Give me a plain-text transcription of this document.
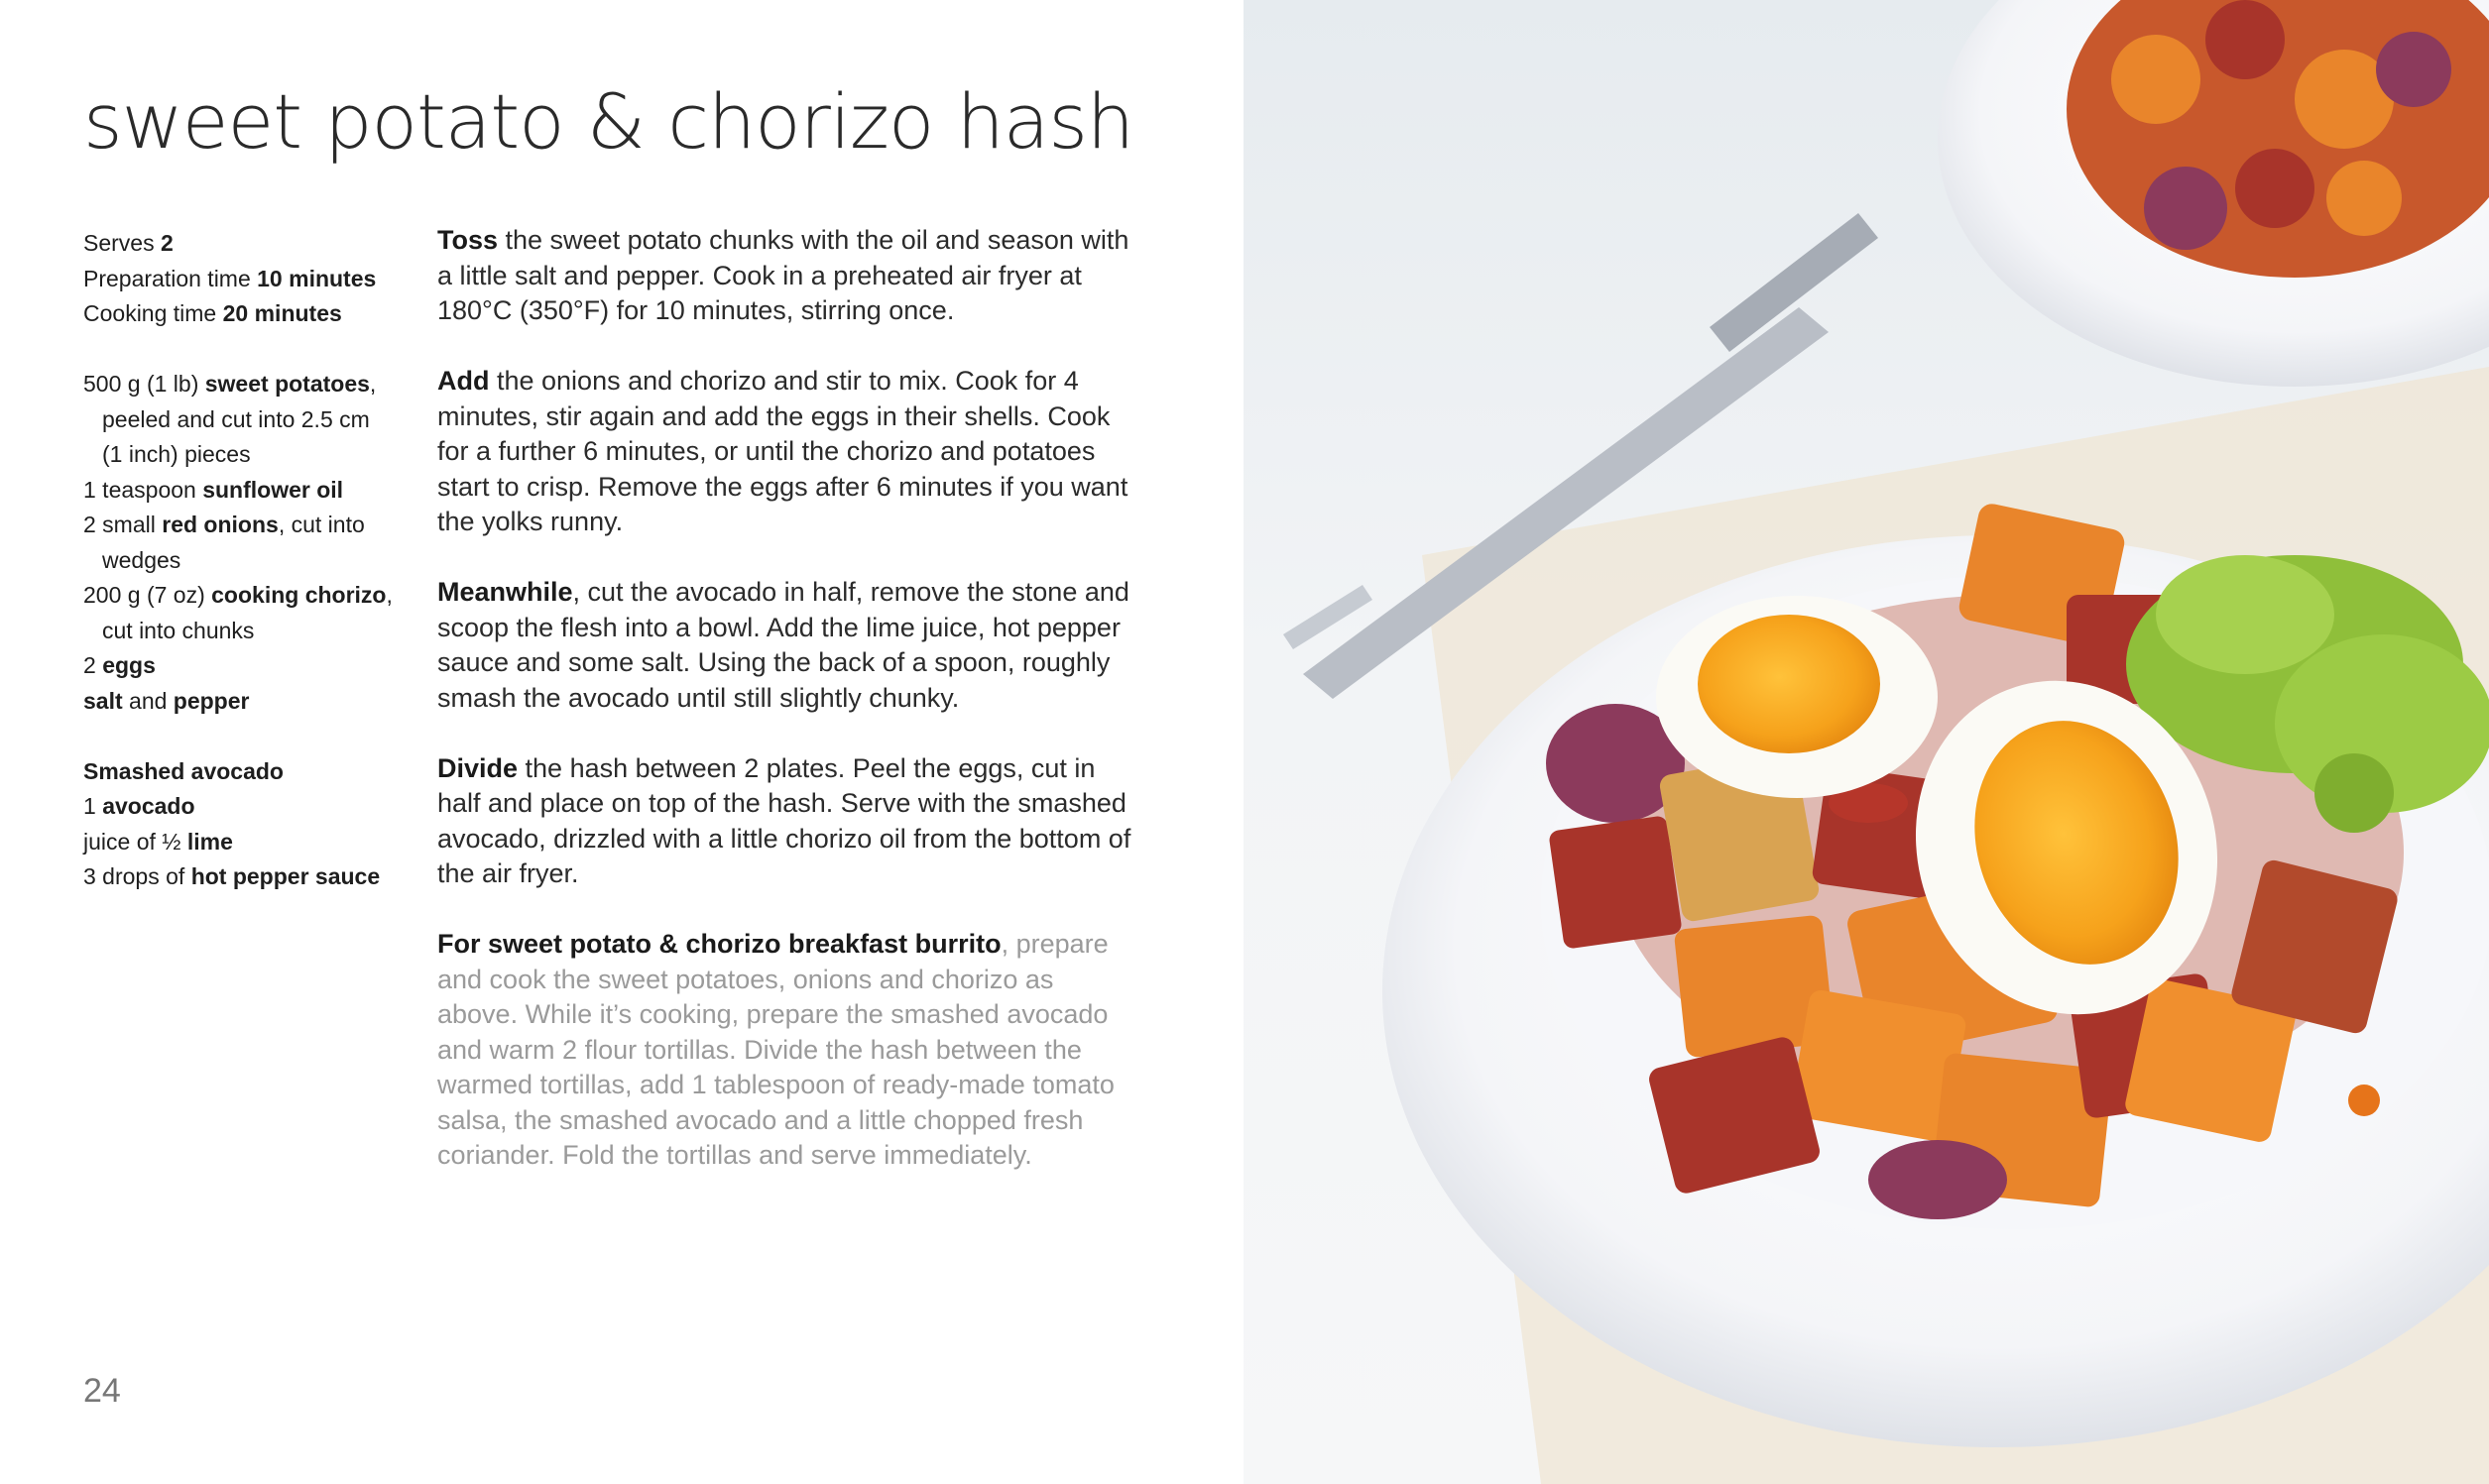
sweet potato & chorizo hash
Serves 2
Preparation time 10 minutes
Cooking time 20 minutes
500 g (1 lb) sweet potatoes,
peeled and cut into 2.5 cm
(1 inch) pieces
1 teaspoon sunflower oil
2 small red onions, cut into
wedges
200 g (7 oz) cooking chorizo,
cut into chunks
2 eggs
salt and pepper
Smashed avocado
1 avocado
juice of ½ lime
3 drops of hot pepper sauce

Toss the sweet potato chunks with the oil and season with a little salt and pepper. Cook in a preheated air fryer at 180°C (350°F) for 10 minutes, stirring once.

Add the onions and chorizo and stir to mix. Cook for 4 minutes, stir again and add the eggs in their shells. Cook for a further 6 minutes, or until the chorizo and potatoes start to crisp. Remove the eggs after 6 minutes if you want the yolks runny.

Meanwhile, cut the avocado in half, remove the stone and scoop the flesh into a bowl. Add the lime juice, hot pepper sauce and some salt. Using the back of a spoon, roughly smash the avocado until still slightly chunky.

Divide the hash between 2 plates. Peel the eggs, cut in half and place on top of the hash. Serve with the smashed avocado, drizzled with a little chorizo oil from the bottom of the air fryer.

For sweet potato & chorizo breakfast burrito, prepare and cook the sweet potatoes, onions and chorizo as above. While it’s cooking, prepare the smashed avocado and warm 2 flour tortillas. Divide the hash between the warmed tortillas, add 1 tablespoon of ready-made tomato salsa, the smashed avocado and a little chopped fresh coriander. Fold the tortillas and serve immediately.

24
